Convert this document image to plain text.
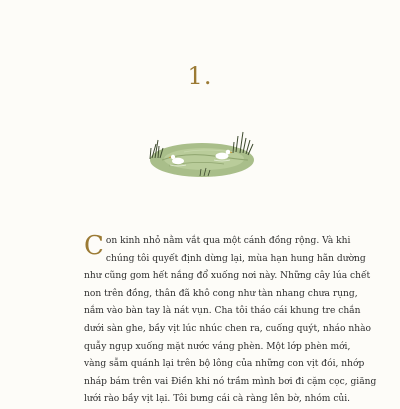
1.
C on kinh nhỏ nằm vắt qua một cánh đồng rộng. Và khi
chúng tôi quyết định dừng lại, mùa hạn hung hãn dường
như cũng gom hết nắng đổ xuống nơi này. Những cây lúa chết
non trên đồng, thân đã khô cong như tàn nhang chưa rụng,
nắm vào bàn tay là nát vụn. Cha tôi tháo cái khung tre chắn
dưới sàn ghe, bầy vịt lúc nhúc chen ra, cuống quýt, nháo nhào
quẫy ngụp xuống mặt nước váng phèn. Một lớp phèn mới,
vàng sẫm quánh lại trên bộ lông của những con vịt đói, nhớp
nháp bám trên vai Điền khi nó trầm mình bơi đi cặm cọc, giăng
lưới rào bầy vịt lại. Tôi bưng cái cà ràng lên bờ, nhóm củi.
